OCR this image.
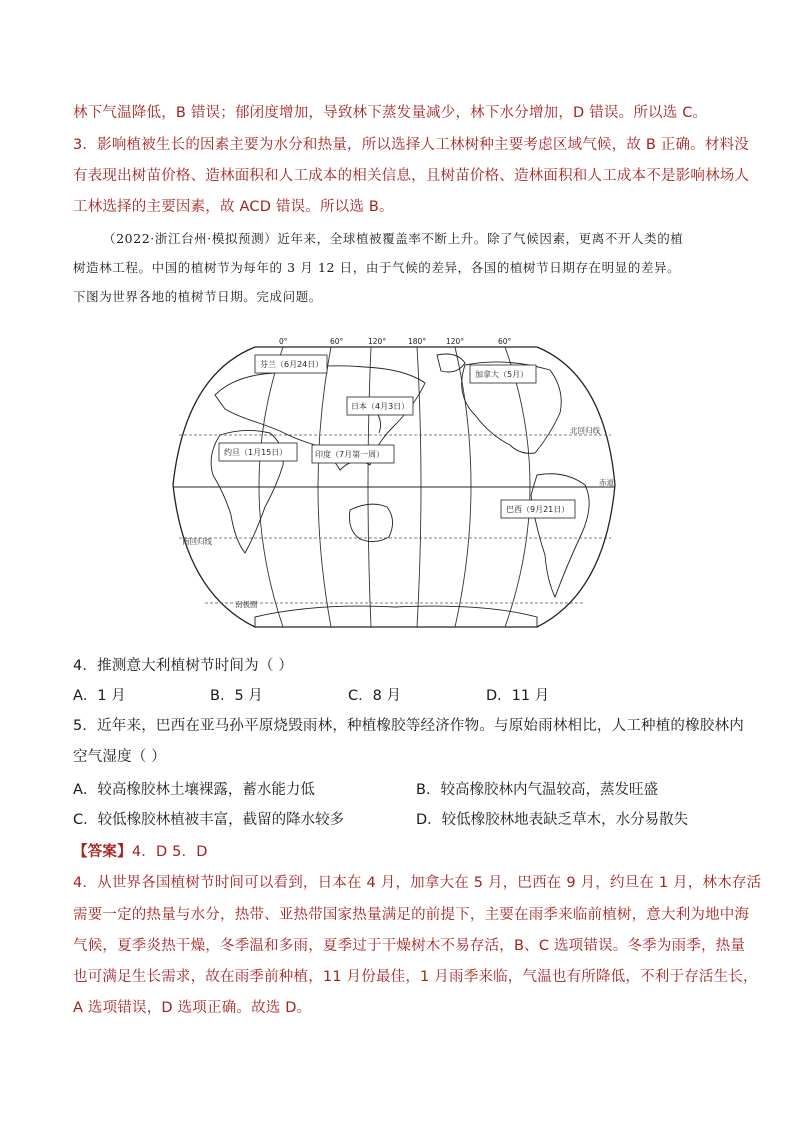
林下气温降低，B 错误；郁闭度增加，导致林下蒸发量减少，林下水分增加，D 错误。所以选 C。
3．影响植被生长的因素主要为水分和热量，所以选择人工林树种主要考虑区域气候，故 B 正确。材料没
有表现出树苗价格、造林面积和人工成本的相关信息，且树苗价格、造林面积和人工成本不是影响林场人
工林选择的主要因素，故 ACD 错误。所以选 B。
（2022·浙江台州·模拟预测）近年来，全球植被覆盖率不断上升。除了气候因素，更离不开人类的植
树造林工程。中国的植树节为每年的 3 月 12 日，由于气候的差异，各国的植树节日期存在明显的差异。
下图为世界各地的植树节日期。完成问题。
0°	60°	120°	180°	120°	60°
芬兰（6月24日）
加拿大（5月）
日本（4月3日）
约旦（1月15日）	印度（7月第一周）
巴西（9月21日）
北回归线
赤道
南回归线
南极圈
4．推测意大利植树节时间为（ ）
A．1 月	B．5 月	C．8 月	D．11 月
5．近年来，巴西在亚马孙平原烧毁雨林，种植橡胶等经济作物。与原始雨林相比，人工种植的橡胶林内
空气湿度（ ）
A．较高橡胶林土壤裸露，蓄水能力低	B．较高橡胶林内气温较高，蒸发旺盛
C．较低橡胶林植被丰富，截留的降水较多	D．较低橡胶林地表缺乏草木，水分易散失
【答案】4．D 5．D
4．从世界各国植树节时间可以看到，日本在 4 月，加拿大在 5 月，巴西在 9 月，约旦在 1 月，林木存活
需要一定的热量与水分，热带、亚热带国家热量满足的前提下，主要在雨季来临前植树，意大利为地中海
气候，夏季炎热干燥，冬季温和多雨，夏季过于干燥树木不易存活，B、C 选项错误。冬季为雨季，热量
也可满足生长需求，故在雨季前种植，11 月份最佳，1 月雨季来临，气温也有所降低，不利于存活生长，
A 选项错误，D 选项正确。故选 D。
